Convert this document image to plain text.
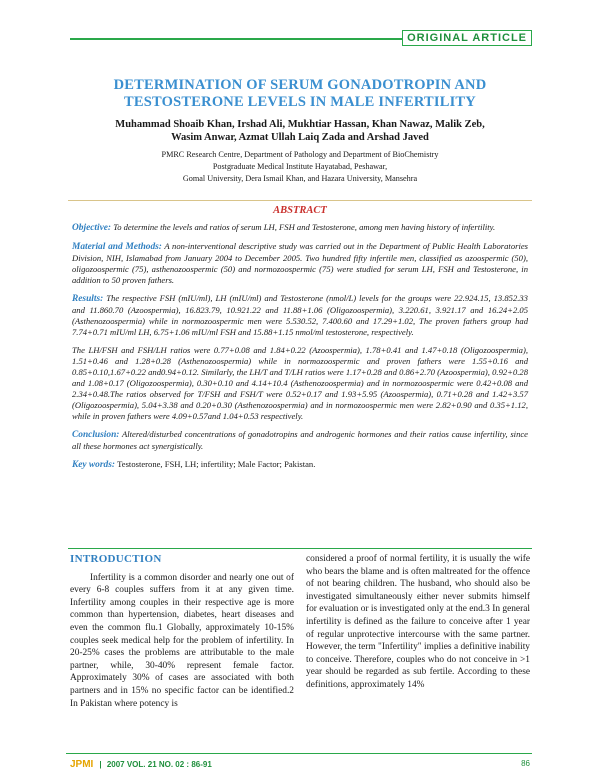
ORIGINAL ARTICLE
DETERMINATION OF SERUM GONADOTROPIN AND
TESTOSTERONE LEVELS IN MALE INFERTILITY

Muhammad Shoaib Khan, Irshad Ali, Mukhtiar Hassan, Khan Nawaz, Malik Zeb,
Wasim Anwar, Azmat Ullah Laiq Zada and Arshad Javed

PMRC Research Centre, Department of Pathology and Department of BioChemistry
Postgraduate Medical Institute Hayatabad, Peshawar,
Gomal University, Dera Ismail Khan, and Hazara University, Mansehra

ABSTRACT

Objective: To determine the levels and ratios of serum LH, FSH and Testosterone, among men having history of infertility.

Material and Methods: A non-interventional descriptive study was carried out in the Department of Public Health Laboratories Division, NIH, Islamabad from January 2004 to December 2005. Two hundred fifty infertile men, classified as azoospermic (50), oligozoospermic (75), asthenozoospermic (50) and normozoospermic (75) were studied for serum LH, FSH and Testosterone, in addition to 50 proven fathers.

Results: The respective FSH (mIU/ml), LH (mIU/ml) and Testosterone (nmol/L) levels for the groups were 22.924.15, 13.852.33 and 11.860.70 (Azoospermia), 16.823.79, 10.921.22 and 11.88+1.06 (Oligozoospermia), 3.220.61, 3.921.17 and 16.24+2.05 (Asthenozoospermia) while in normozoospermic men were 5.530.52, 7.400.60 and 17.29+1.02, The proven fathers group had 7.74+0.71 mIU/ml LH, 6.75+1.06 mIU/ml FSH and 15.88+1.15 nmol/ml testosterone, respectively.

The LH/FSH and FSH/LH ratios were 0.77+0.08 and 1.84+0.22 (Azoospermia), 1.78+0.41 and 1.47+0.18 (Oligozoospermia), 1.51+0.46 and 1.28+0.28 (Asthenozoospermia) while in normozoospermic and proven fathers were 1.55+0.16 and 0.85+0.10,1.67+0.22 and0.94+0.12. Similarly, the LH/T and T/LH ratios were 1.17+0.28 and 0.86+2.70 (Azoospermia), 0.92+0.28 and 1.08+0.17 (Oligozoospermia), 0.30+0.10 and 4.14+10.4 (Asthenozoospermia) and in normozoospermic were 0.42+0.08 and 2.34+0.48.The ratios observed for T/FSH and FSH/T were 0.52+0.17 and 1.93+5.95 (Azoospermia), 0.71+0.28 and 1.42+3.57 (Oligozoospermia), 5.04+3.38 and 0.20+0.30 (Asthenozoospermia) and in normozoospermic men were 2.82+0.90 and 0.35+1.12, while in proven fathers were 4.09+0.57and 1.04+0.53 respectively.

Conclusion: Altered/disturbed concentrations of gonadotropins and androgenic hormones and their ratios cause infertility, since all these hormones act synergistically.

Key words: Testosterone, FSH, LH; infertility; Male Factor; Pakistan.

INTRODUCTION

Infertility is a common disorder and nearly one out of every 6-8 couples suffers from it at any given time. Infertility among couples in their respective age is more common than hypertension, diabetes, heart diseases and even the common flu.1 Globally, approximately 10-15% couples seek medical help for the problem of infertility. In 20-25% cases the problems are attributable to the male partner, while, 30-40% represent female factor. Approximately 30% of cases are associated with both partners and in 15% no specific factor can be identified.2 In Pakistan where potency is

considered a proof of normal fertility, it is usually the wife who bears the blame and is often maltreated for the offence of not bearing children. The husband, who should also be investigated simultaneously either never submits himself for evaluation or is investigated only at the end.3 In general infertility is defined as the failure to conceive after 1 year of regular unprotective intercourse with the same partner. However, the term "Infertility" implies a definitive inability to conceive. Therefore, couples who do not conceive in >1 year should be regarded as sub fertile. According to these definitions, approximately 14%

JPMI | 2007 VOL. 21 NO. 02 : 86-91	86
